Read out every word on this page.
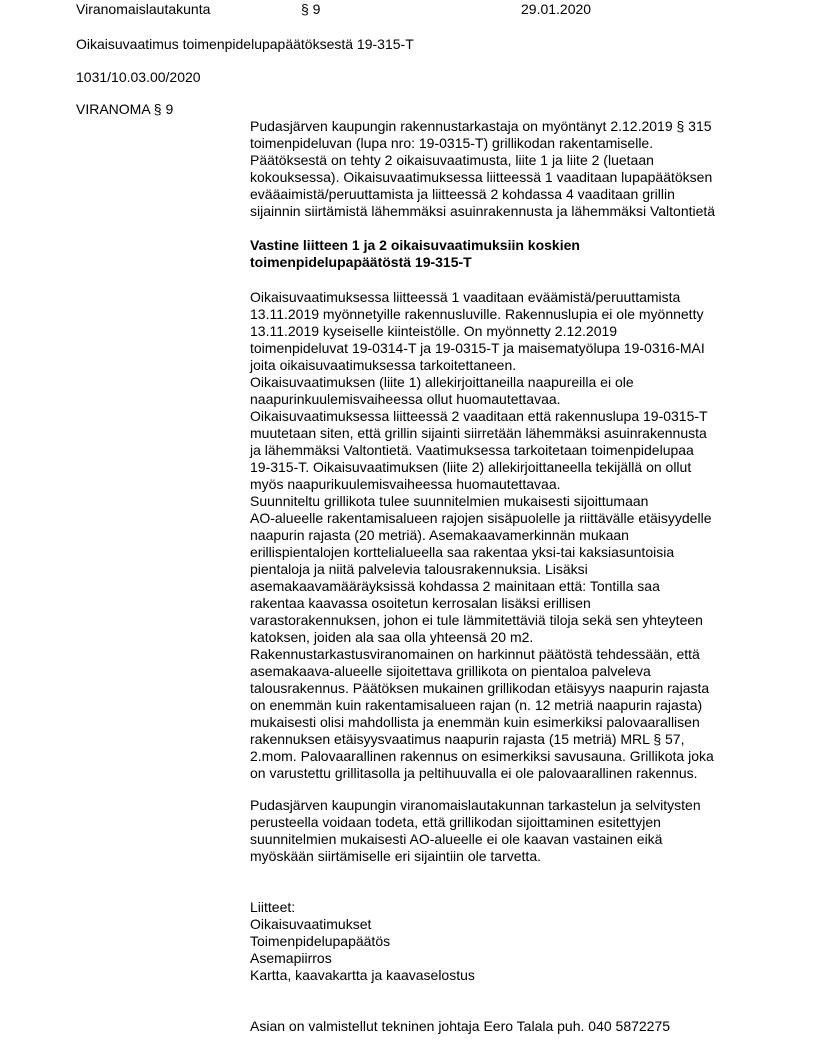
Viranomaislautakunta	§ 9	29.01.2020
Oikaisuvaatimus toimenpidelupapäätöksestä 19-315-T
1031/10.03.00/2020
VIRANOMA § 9
Pudasjärven kaupungin rakennustarkastaja on myöntänyt 2.12.2019 § 315
toimenpideluvan (lupa nro: 19-0315-T) grillikodan rakentamiselle.
Päätöksestä on tehty 2 oikaisuvaatimusta, liite 1 ja liite 2 (luetaan
kokouksessa). Oikaisuvaatimuksessa liitteessä 1 vaaditaan lupapäätöksen
evääaimistä/peruuttamista ja liitteessä 2 kohdassa 4 vaaditaan grillin
sijainnin siirtämistä lähemmäksi asuinrakennusta ja lähemmäksi Valtontietä
Vastine liitteen 1 ja 2 oikaisuvaatimuksiin koskien
toimenpidelupapäätöstä 19-315-T
Oikaisuvaatimuksessa liitteessä 1 vaaditaan eväämistä/peruuttamista
13.11.2019 myönnetyille rakennusluville. Rakennuslupia ei ole myönnetty
13.11.2019 kyseiselle kiinteistölle. On myönnetty 2.12.2019
toimenpideluvat 19-0314-T ja 19-0315-T ja maisematyölupa 19-0316-MAI
joita oikaisuvaatimuksessa tarkoitettaneen.
Oikaisuvaatimuksen (liite 1) allekirjoittaneilla naapureilla ei ole
naapurinkuulemisvaiheessa ollut huomautettavaa.
Oikaisuvaatimuksessa liitteessä 2 vaaditaan että rakennuslupa 19-0315-T
muutetaan siten, että grillin sijainti siirretään lähemmäksi asuinrakennusta
ja lähemmäksi Valtontietä. Vaatimuksessa tarkoitetaan toimenpidelupaa
19-315-T. Oikaisuvaatimuksen (liite 2) allekirjoittaneella tekijällä on ollut
myös naapurikuulemisvaiheessa huomautettavaa.
Suunniteltu grillikota tulee suunnitelmien mukaisesti sijoittumaan
AO-alueelle rakentamisalueen rajojen sisäpuolelle ja riittävälle etäisyydelle
naapurin rajasta (20 metriä). Asemakaavamerkinnän mukaan
erillispientalojen korttelialueella saa rakentaa yksi-tai kaksiasuntoisia
pientaloja ja niitä palvelevia talousrakennuksia. Lisäksi
asemakaavamääräyksissä kohdassa 2 mainitaan että: Tontilla saa
rakentaa kaavassa osoitetun kerrosalan lisäksi erillisen
varastorakennuksen, johon ei tule lämmitettäviä tiloja sekä sen yhteyteen
katoksen, joiden ala saa olla yhteensä 20 m2.
Rakennustarkastusviranomainen on harkinnut päätöstä tehdessään, että
asemakaava-alueelle sijoitettava grillikota on pientaloa palveleva
talousrakennus. Päätöksen mukainen grillikodan etäisyys naapurin rajasta
on enemmän kuin rakentamisalueen rajan (n. 12 metriä naapurin rajasta)
mukaisesti olisi mahdollista ja enemmän kuin esimerkiksi palovaarallisen
rakennuksen etäisyysvaatimus naapurin rajasta (15 metriä) MRL § 57,
2.mom. Palovaarallinen rakennus on esimerkiksi savusauna. Grillikota joka
on varustettu grillitasolla ja peltihuuvalla ei ole palovaarallinen rakennus.
Pudasjärven kaupungin viranomaislautakunnan tarkastelun ja selvitysten
perusteella voidaan todeta, että grillikodan sijoittaminen esitettyjen
suunnitelmien mukaisesti AO-alueelle ei ole kaavan vastainen eikä
myöskään siirtämiselle eri sijaintiin ole tarvetta.
Liitteet:
Oikaisuvaatimukset
Toimenpidelupapäätös
Asemapiirros
Kartta, kaavakartta ja kaavaselostus
Asian on valmistellut tekninen johtaja Eero Talala puh. 040 5872275
